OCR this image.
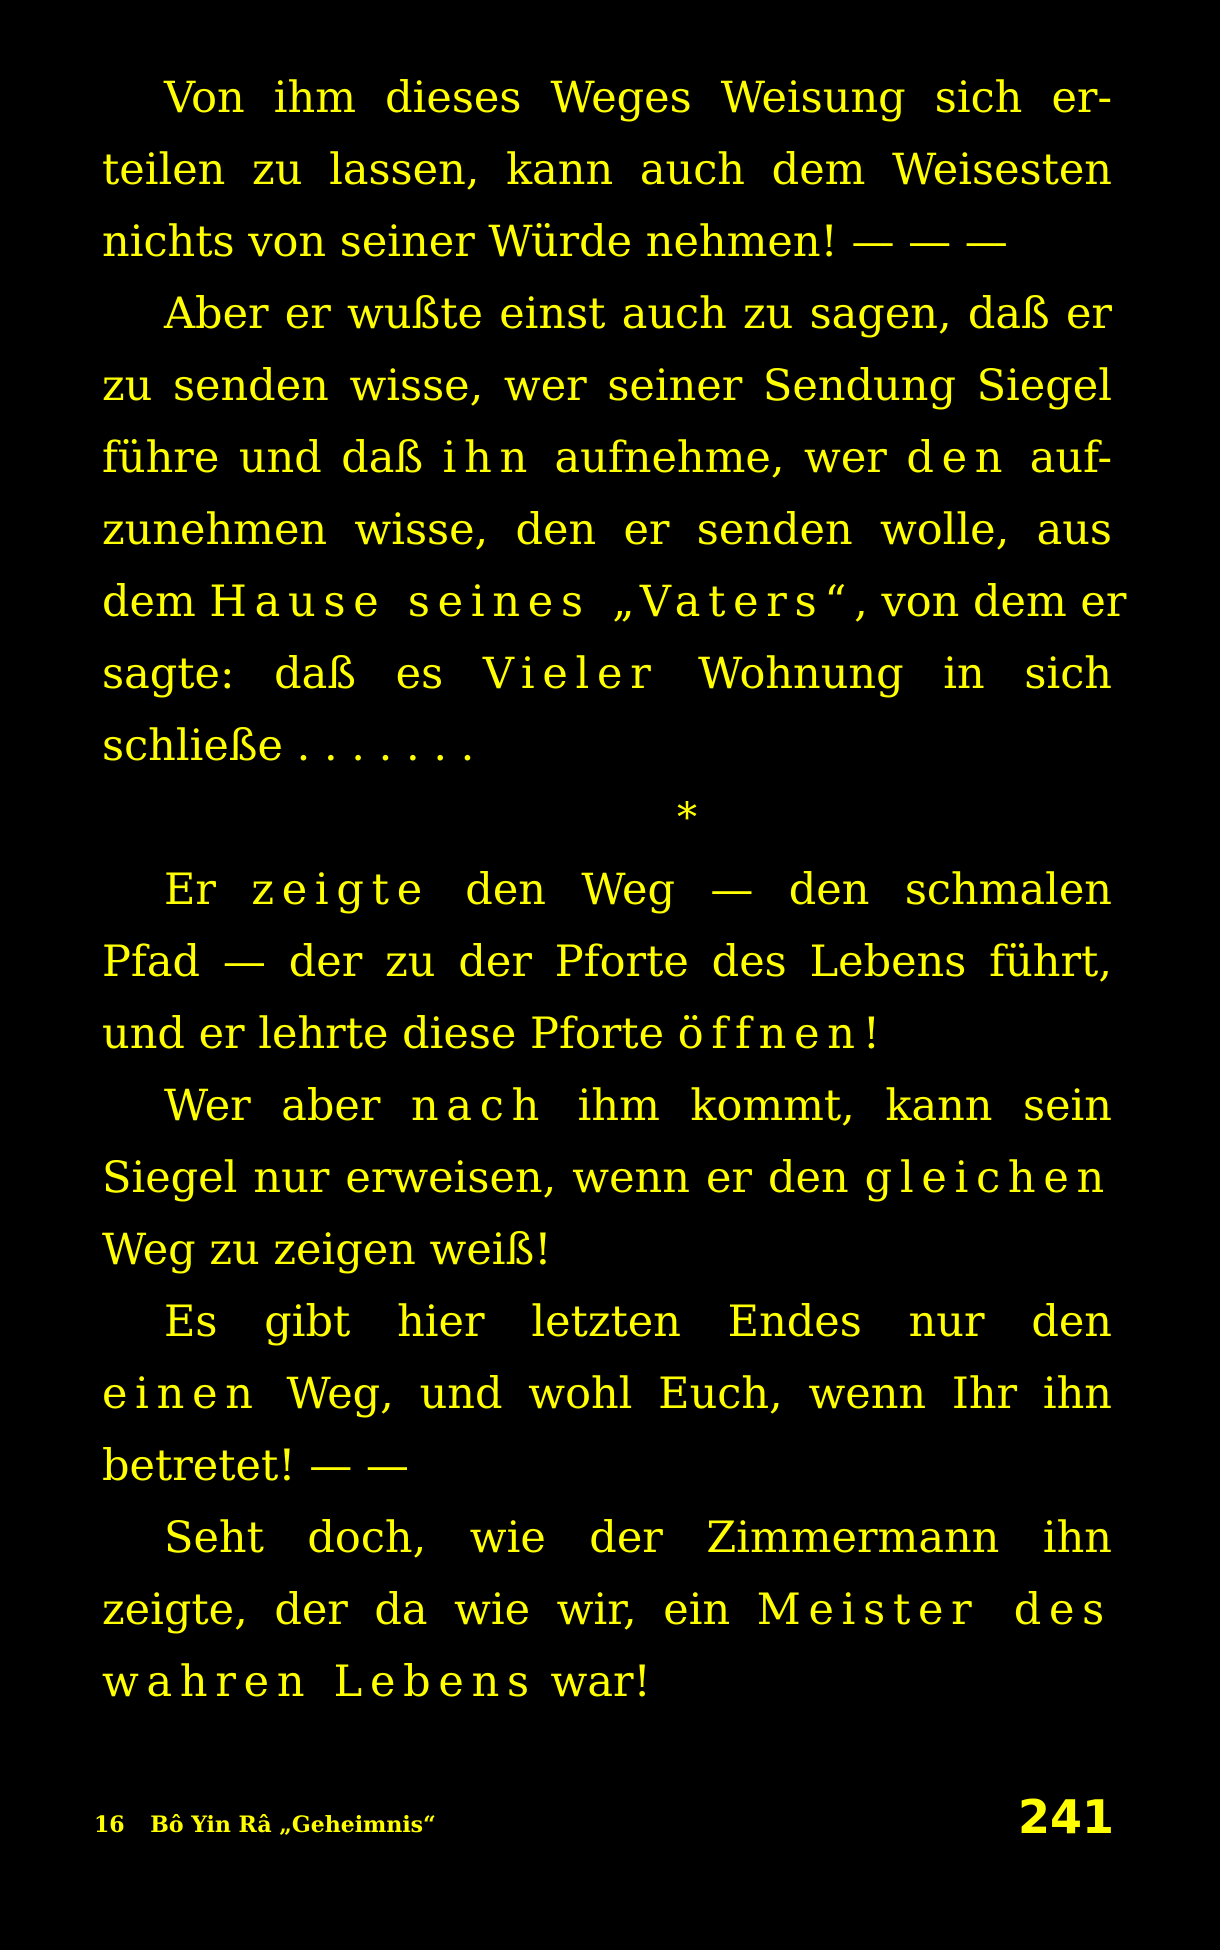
Von ihm dieses Weges Weisung sich er-
teilen zu lassen, kann auch dem Weisesten
nichts von seiner Würde nehmen! — — —
Aber er wußte einst auch zu sagen, daß er
zu senden wisse, wer seiner Sendung Siegel
führe und daß ihn aufnehme, wer den auf-
zunehmen wisse, den er senden wolle, aus
dem Hause seines „Vaters“, von dem er
sagte: daß es Vieler Wohnung in sich
schließe . . . . . . .
*
Er zeigte den Weg — den schmalen
Pfad — der zu der Pforte des Lebens führt,
und er lehrte diese Pforte öffnen!
Wer aber nach ihm kommt, kann sein
Siegel nur erweisen, wenn er den gleichen
Weg zu zeigen weiß!
Es gibt hier letzten Endes nur den
einen Weg, und wohl Euch, wenn Ihr ihn
betretet! — —
Seht doch, wie der Zimmermann ihn
zeigte, der da wie wir, ein Meister des
wahren Lebens war!
16 Bô Yin Râ „Geheimnis“	241
